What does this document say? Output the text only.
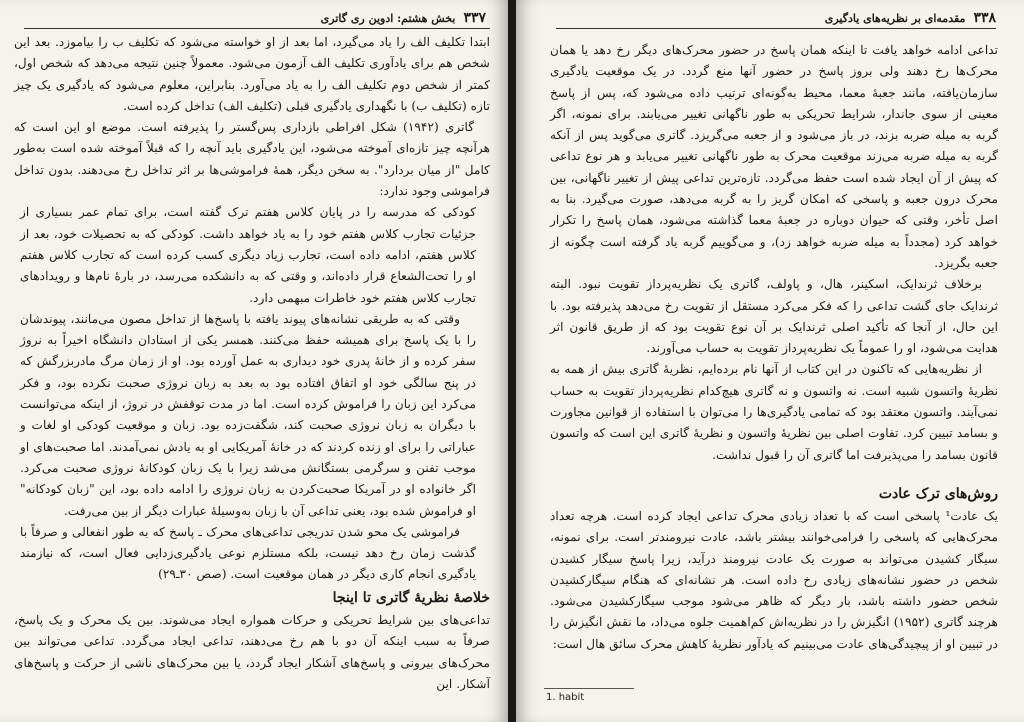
۳۳۷
بخش هشتم: ادوین ری گاتری

ابتدا تکلیف الف را یاد می‌گیرد، اما بعد از او خواسته می‌شود که تکلیف ب را بیاموزد. بعد این شخص هم برای یادآوری تکلیف الف آزمون می‌شود. معمولاً چنین نتیجه می‌دهد که شخص اول، کمتر از شخص دوم تکلیف الف را به یاد می‌آورد. بنابراین، معلوم می‌شود که یادگیری یک چیز تازه (تکلیف ب) با نگهداری یادگیری قبلی (تکلیف الف) تداخل کرده است.

گاتری (۱۹۴۲) شکل افراطی بازداری پس‌گستر را پذیرفته است. موضع او این است که هرآنچه چیز تازه‌ای آموخته می‌شود، این یادگیری باید آنچه را که قبلاً آموخته شده است به‌طور کامل "از میان بردارد". به سخن دیگر، همهٔ فراموشی‌ها بر اثر تداخل رخ می‌دهند. بدون تداخل فراموشی وجود ندارد:

کودکی که مدرسه را در پایان کلاس هفتم ترک گفته است، برای تمام عمر بسیاری از جزئیات تجارب کلاس هفتم خود را به یاد خواهد داشت. کودکی که به تحصیلات خود، بعد از کلاس هفتم، ادامه داده است، تجارب زیاد دیگری کسب کرده است که تجارب کلاس هفتم او را تحت‌الشعاع قرار داده‌اند، و وقتی که به دانشکده می‌رسد، در بارهٔ نام‌ها و رویدادهای تجارب کلاس هفتم خود خاطرات مبهمی دارد.

وقتی که به طریقی نشانه‌های پیوند یافته با پاسخ‌ها از تداخل مصون می‌مانند، پیوندشان را با یک پاسخ برای همیشه حفظ می‌کنند. همسر یکی از استادان دانشگاه اخیراً به نروژ سفر کرده و از خانهٔ پدری خود دیداری به عمل آورده بود. او از زمان مرگ مادربزرگش که در پنج سالگی خود او اتفاق افتاده بود به بعد به زبان نروژی صحبت نکرده بود، و فکر می‌کرد این زبان را فراموش کرده است. اما در مدت توقفش در نروژ، از اینکه می‌توانست با دیگران به زبان نروژی صحبت کند، شگفت‌زده بود. زبان و موقعیت کودکی او لغات و عباراتی را برای او زنده کردند که در خانهٔ آمریکایی او به یادش نمی‌آمدند. اما صحبت‌های او موجب تفنن و سرگرمی بستگانش می‌شد زیرا با یک زبان کودکانهٔ نروژی صحبت می‌کرد. اگر خانواده او در آمریکا صحبت‌کردن به زبان نروژی را ادامه داده بود، این "زبان کودکانه" او فراموش شده بود، یعنی تداعی آن با زبان به‌وسیلهٔ عبارات دیگر از بین می‌رفت.

فراموشی یک محو شدن تدریجی تداعی‌های محرک ـ پاسخ که به طور انفعالی و صرفاً با گذشت زمان رخ دهد نیست، بلکه مستلزم نوعی یادگیری‌زدایی فعال است، که نیازمند یادگیری انجام کاری دیگر در همان موقعیت است. (صص ۳۰ـ۲۹)

خلاصهٔ نظریهٔ گاتری تا اینجا

تداعی‌های بین شرایط تحریکی و حرکات همواره ایجاد می‌شوند. بین یک محرک و یک پاسخ، صرفاً به سبب اینکه آن دو با هم رخ می‌دهند، تداعی ایجاد می‌گردد. تداعی می‌تواند بین محرک‌های بیرونی و پاسخ‌های آشکار ایجاد گردد، یا بین محرک‌های ناشی از حرکت و پاسخ‌های آشکار. این

۳۳۸
مقدمه‌ای بر نظریه‌های یادگیری

تداعی ادامه خواهد یافت تا اینکه همان پاسخ در حضور محرک‌های دیگر رخ دهد یا همان محرک‌ها رخ دهند ولی بروز پاسخ در حضور آنها منع گردد. در یک موقعیت یادگیری سازمان‌یافته، مانند جعبهٔ معما، محیط به‌گونه‌ای ترتیب داده می‌شود که، پس از پاسخ معینی از سوی جاندار، شرایط تحریکی به طور ناگهانی تغییر می‌یابند. برای نمونه، اگر گربه به میله ضربه بزند، در باز می‌شود و از جعبه می‌گریزد. گاتری می‌گوید پس از آنکه گربه به میله ضربه می‌زند موقعیت محرک به طور ناگهانی تغییر می‌یابد و هر نوع تداعی که پیش از آن ایجاد شده است حفظ می‌گردد. تازه‌ترین تداعی پیش از تغییر ناگهانی، بین محرک درون جعبه و پاسخی که امکان گریز را به گربه می‌دهد، صورت می‌گیرد. بنا به اصل تأخر، وقتی که حیوان دوباره در جعبهٔ معما گذاشته می‌شود، همان پاسخ را تکرار خواهد کرد (مجدداً به میله ضربه خواهد زد)، و می‌گوییم گربه یاد گرفته است چگونه از جعبه بگریزد.

برخلاف ثرندایک، اسکینر، هال، و پاولف، گاتری یک نظریه‌پرداز تقویت نبود. البته ثرندایک جای گشت تداعی را که فکر می‌کرد مستقل از تقویت رخ می‌دهد پذیرفته بود. با این حال، از آنجا که تأکید اصلی ثرندایک بر آن نوع تقویت بود که از طریق قانون اثر هدایت می‌شود، او را عموماً یک نظریه‌پرداز تقویت به حساب می‌آورند.

از نظریه‌هایی که تاکنون در این کتاب از آنها نام برده‌ایم، نظریهٔ گاتری بیش از همه به نظریهٔ واتسون شبیه است. نه واتسون و نه گاتری هیچ‌کدام نظریه‌پرداز تقویت به حساب نمی‌آیند. واتسون معتقد بود که تمامی یادگیری‌ها را می‌توان با استفاده از قوانین مجاورت و بسامد تبیین کرد. تفاوت اصلی بین نظریهٔ واتسون و نظریهٔ گاتری این است که واتسون قانون بسامد را می‌پذیرفت اما گاتری آن را قبول نداشت.

روش‌های ترک عادت

یک عادت¹ پاسخی است که با تعداد زیادی محرک تداعی ایجاد کرده است. هرچه تعداد محرک‌هایی که پاسخی را فرامی‌خوانند بیشتر باشد، عادت نیرومندتر است. برای نمونه، سیگار کشیدن می‌تواند به صورت یک عادت نیرومند درآید، زیرا پاسخ سیگار کشیدن شخص در حضور نشانه‌های زیادی رخ داده است. هر نشانه‌ای که هنگام سیگارکشیدن شخص حضور داشته باشد، بار دیگر که ظاهر می‌شود موجب سیگارکشیدن می‌شود. هرچند گاتری (۱۹۵۲) انگیزش را در نظریه‌اش کم‌اهمیت جلوه می‌داد، ما نقش انگیزش را در تبیین او از پیچیدگی‌های عادت می‌بینیم که یادآور نظریهٔ کاهش محرک سائق هال است:

1. habit
